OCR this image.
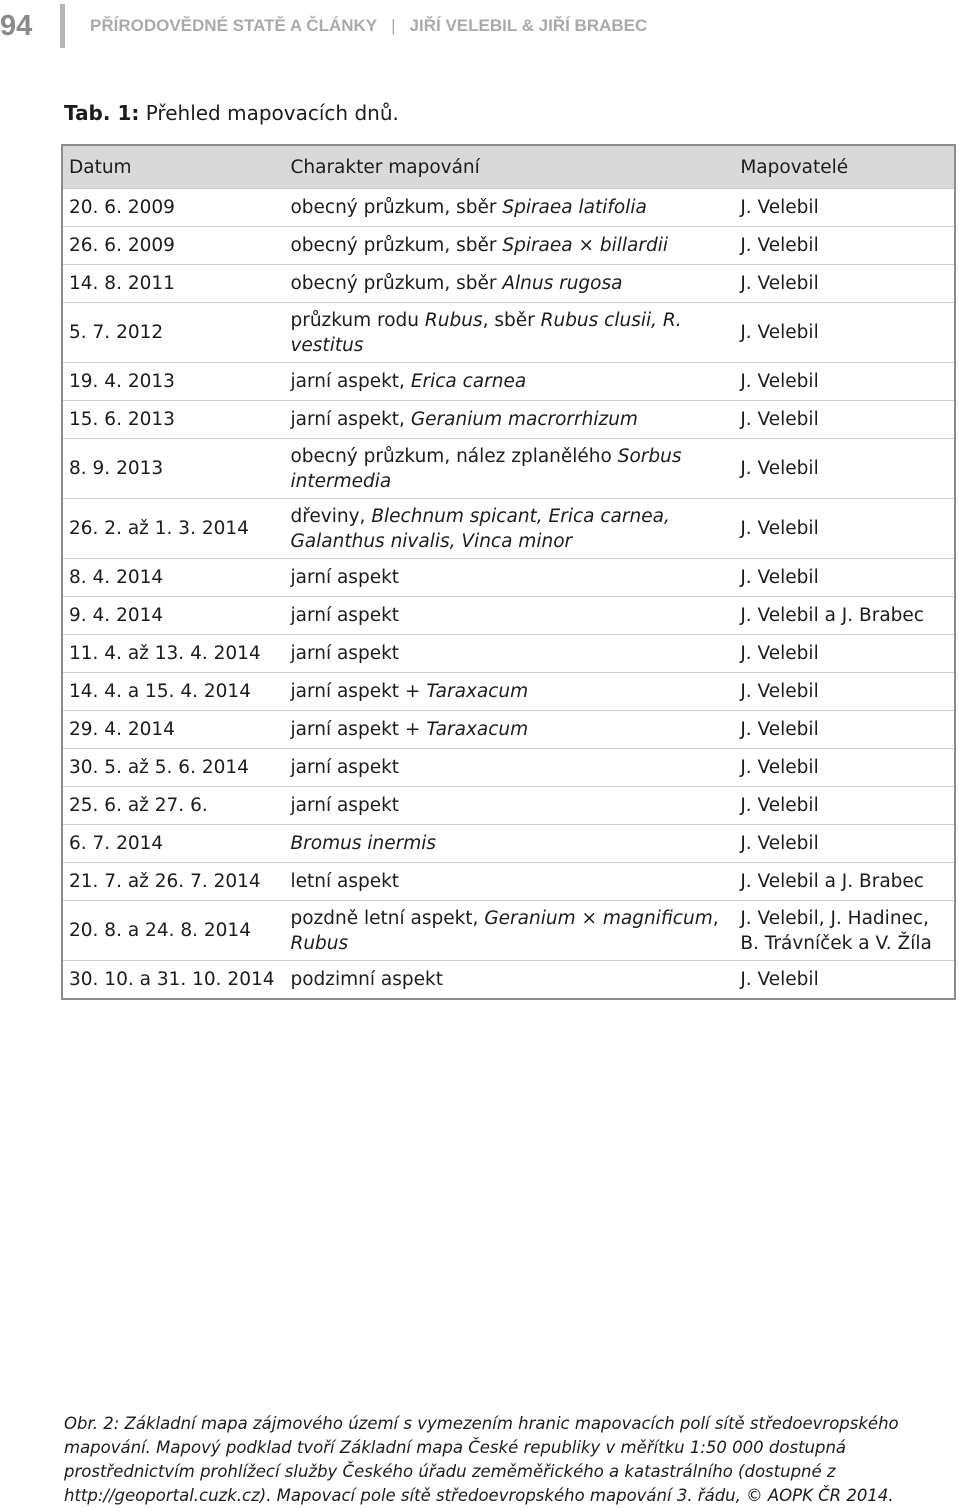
94	PŘÍRODOVĚDNÉ STATĚ A ČLÁNKY | JIŘÍ VELEBIL & JIŘÍ BRABEC
Tab. 1: Přehled mapovacích dnů.
Datum	Charakter mapování	Mapovatelé
20. 6. 2009	obecný průzkum, sběr Spiraea latifolia	J. Velebil

26. 6. 2009	obecný průzkum, sběr Spiraea × billardii	J. Velebil

14. 8. 2011	obecný průzkum, sběr Alnus rugosa	J. Velebil

5. 7. 2012	průzkum rodu Rubus, sběr Rubus clusii, R. vestitus	J. Velebil

19. 4. 2013	jarní aspekt, Erica carnea	J. Velebil

15. 6. 2013	jarní aspekt, Geranium macrorrhizum	J. Velebil

8. 9. 2013	obecný průzkum, nález zplanělého Sorbus intermedia	J. Velebil

26. 2. až 1. 3. 2014	dřeviny, Blechnum spicant, Erica carnea, Galanthus nivalis, Vinca minor	J. Velebil

8. 4. 2014	jarní aspekt	J. Velebil

9. 4. 2014	jarní aspekt	J. Velebil a J. Brabec

11. 4. až 13. 4. 2014	jarní aspekt	J. Velebil

14. 4. a 15. 4. 2014	jarní aspekt + Taraxacum	J. Velebil

29. 4. 2014	jarní aspekt + Taraxacum	J. Velebil

30. 5. až 5. 6. 2014	jarní aspekt	J. Velebil

25. 6. až 27. 6.	jarní aspekt	J. Velebil

6. 7. 2014	Bromus inermis	J. Velebil

21. 7. až 26. 7. 2014	letní aspekt	J. Velebil a J. Brabec

20. 8. a 24. 8. 2014	pozdně letní aspekt, Geranium × magnificum, Rubus	J. Velebil, J. Hadinec,
B. Trávníček a V. Žíla

30. 10. a 31. 10. 2014	podzimní aspekt	J. Velebil
Obr. 2: Základní mapa zájmového území s vymezením hranic mapovacích polí sítě středoevropského mapování. Mapový podklad tvoří Základní mapa České republiky v měřítku 1:50 000 dostupná prostřednictvím prohlížecí služby Českého úřadu zeměměřického a katastrálního (dostupné z http://geoportal.cuzk.cz). Mapovací pole sítě středoevropského mapování 3. řádu, © AOPK ČR 2014.
